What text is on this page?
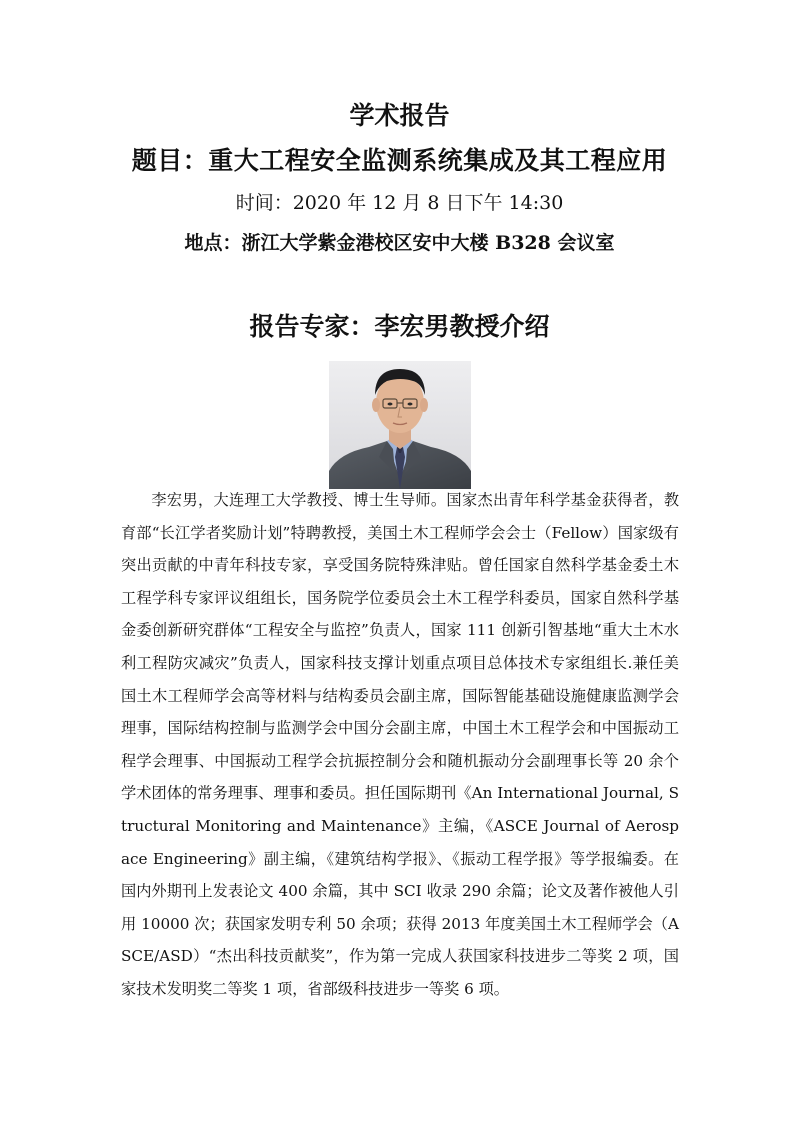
学术报告
题目：重大工程安全监测系统集成及其工程应用
时间：2020 年 12 月 8 日下午 14:30
地点：浙江大学紫金港校区安中大楼 B328 会议室
报告专家：李宏男教授介绍

李宏男，大连理工大学教授、博士生导师。国家杰出青年科学基金获得者，教育部“长江学者奖励计划”特聘教授，美国土木工程师学会会士（Fellow）国家级有突出贡献的中青年科技专家，享受国务院特殊津贴。曾任国家自然科学基金委土木工程学科专家评议组组长，国务院学位委员会土木工程学科委员，国家自然科学基金委创新研究群体“工程安全与监控”负责人，国家 111 创新引智基地“重大土木水利工程防灾减灾”负责人，国家科技支撑计划重点项目总体技术专家组组长.兼任美国土木工程师学会高等材料与结构委员会副主席，国际智能基础设施健康监测学会理事，国际结构控制与监测学会中国分会副主席，中国土木工程学会和中国振动工程学会理事、中国振动工程学会抗振控制分会和随机振动分会副理事长等 20 余个学术团体的常务理事、理事和委员。担任国际期刊《An International Journal, Structural Monitoring and Maintenance》主编，《ASCE Journal of Aerospace Engineering》副主编，《建筑结构学报》、《振动工程学报》等学报编委。在国内外期刊上发表论文 400 余篇，其中 SCI 收录 290 余篇；论文及著作被他人引用 10000 次；获国家发明专利 50 余项；获得 2013 年度美国土木工程师学会（ASCE/ASD）“杰出科技贡献奖”，作为第一完成人获国家科技进步二等奖 2 项，国家技术发明奖二等奖 1 项，省部级科技进步一等奖 6 项。
